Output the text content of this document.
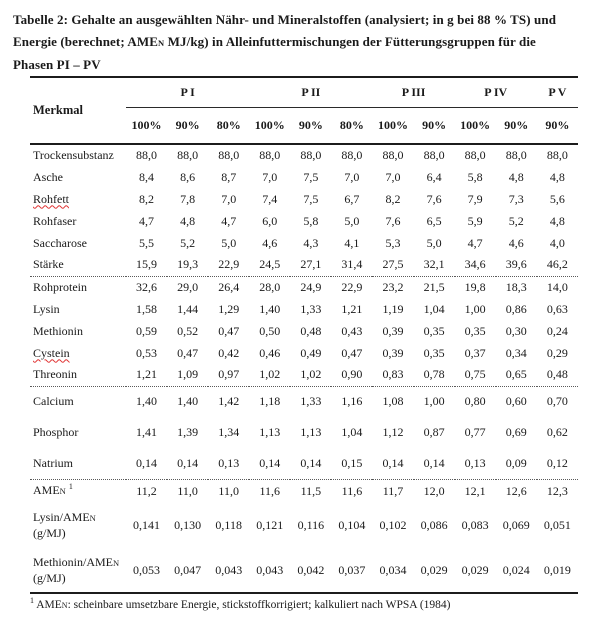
Tabelle 2: Gehalte an ausgewählten Nähr- und Mineralstoffen (analysiert; in g bei 88 % TS) und
Energie (berechnet; AMEN MJ/kg) in Alleinfuttermischungen der Fütterungsgruppen für die
Phasen PI – PV

Merkmal	P I			P II			P III		P IV		P V
	100%	90%	80%	100%	90%	80%	100%	90%	100%	90%	90%
Trockensubstanz	88,0	88,0	88,0	88,0	88,0	88,0	88,0	88,0	88,0	88,0	88,0
Asche	8,4	8,6	8,7	7,0	7,5	7,0	7,0	6,4	5,8	4,8	4,8
Rohfett	8,2	7,8	7,0	7,4	7,5	6,7	8,2	7,6	7,9	7,3	5,6
Rohfaser	4,7	4,8	4,7	6,0	5,8	5,0	7,6	6,5	5,9	5,2	4,8
Saccharose	5,5	5,2	5,0	4,6	4,3	4,1	5,3	5,0	4,7	4,6	4,0
Stärke	15,9	19,3	22,9	24,5	27,1	31,4	27,5	32,1	34,6	39,6	46,2
Rohprotein	32,6	29,0	26,4	28,0	24,9	22,9	23,2	21,5	19,8	18,3	14,0
Lysin	1,58	1,44	1,29	1,40	1,33	1,21	1,19	1,04	1,00	0,86	0,63
Methionin	0,59	0,52	0,47	0,50	0,48	0,43	0,39	0,35	0,35	0,30	0,24
Cystein	0,53	0,47	0,42	0,46	0,49	0,47	0,39	0,35	0,37	0,34	0,29
Threonin	1,21	1,09	0,97	1,02	1,02	0,90	0,83	0,78	0,75	0,65	0,48
Calcium	1,40	1,40	1,42	1,18	1,33	1,16	1,08	1,00	0,80	0,60	0,70
Phosphor	1,41	1,39	1,34	1,13	1,13	1,04	1,12	0,87	0,77	0,69	0,62
Natrium	0,14	0,14	0,13	0,14	0,14	0,15	0,14	0,14	0,13	0,09	0,12
AMEN $^1$	11,2	11,0	11,0	11,6	11,5	11,6	11,7	12,0	12,1	12,6	12,3
Lysin/AMEN
(g/MJ)	0,141	0,130	0,118	0,121	0,116	0,104	0,102	0,086	0,083	0,069	0,051
Methionin/AMEN
(g/MJ)	0,053	0,047	0,043	0,043	0,042	0,037	0,034	0,029	0,029	0,024	0,019

$^1$ AMEN: scheinbare umsetzbare Energie, stickstoffkorrigiert; kalkuliert nach WPSA (1984)
